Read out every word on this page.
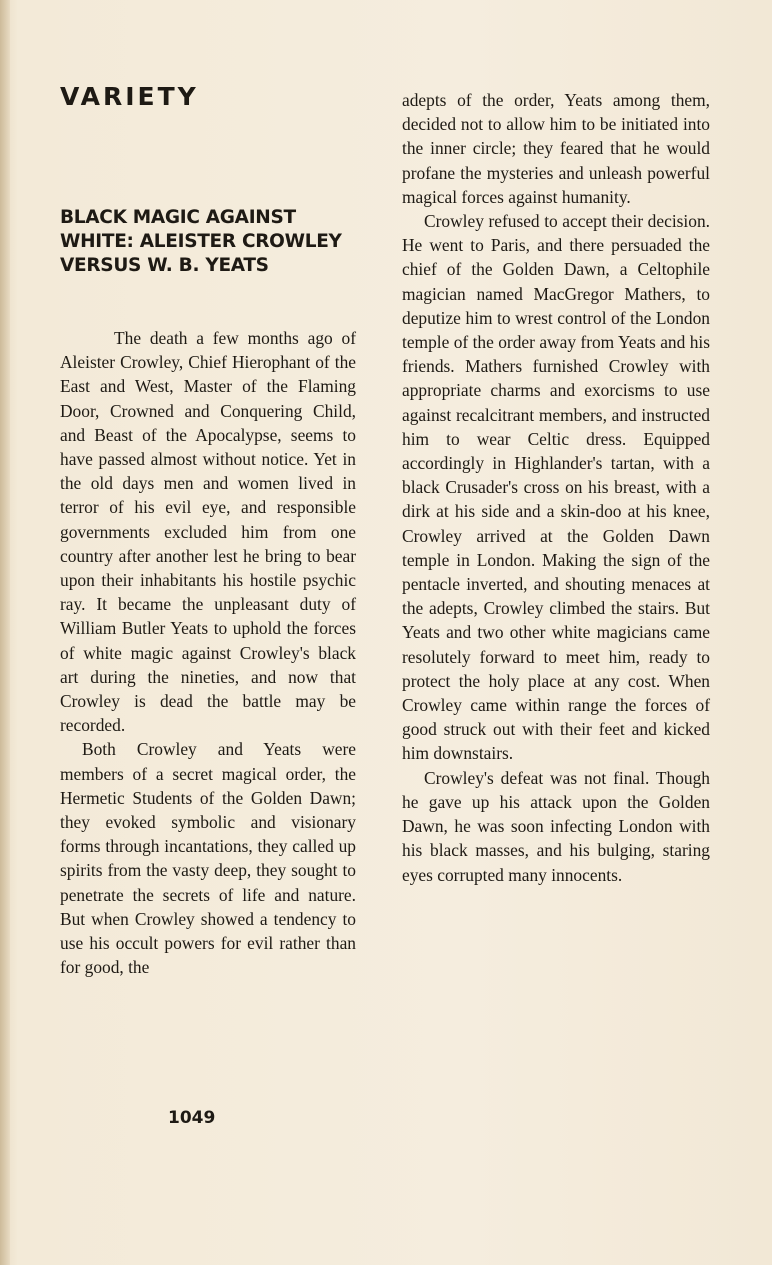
VARIETY
BLACK MAGIC AGAINST
WHITE: ALEISTER CROWLEY
VERSUS W. B. YEATS

The death a few months ago of Aleister Crowley, Chief Hierophant of the East and West, Master of the Flaming Door, Crowned and Conquering Child, and Beast of the Apocalypse, seems to have passed almost without notice. Yet in the old days men and women lived in terror of his evil eye, and responsible governments excluded him from one country after another lest he bring to bear upon their inhabitants his hostile psychic ray. It became the unpleasant duty of William Butler Yeats to uphold the forces of white magic against Crowley's black art during the nineties, and now that Crowley is dead the battle may be recorded.

Both Crowley and Yeats were members of a secret magical order, the Hermetic Students of the Golden Dawn; they evoked symbolic and visionary forms through incantations, they called up spirits from the vasty deep, they sought to penetrate the secrets of life and nature. But when Crowley showed a tendency to use his occult powers for evil rather than for good, the

adepts of the order, Yeats among them, decided not to allow him to be initiated into the inner circle; they feared that he would profane the mysteries and unleash powerful magical forces against humanity.

Crowley refused to accept their decision. He went to Paris, and there persuaded the chief of the Golden Dawn, a Celtophile magician named MacGregor Mathers, to deputize him to wrest control of the London temple of the order away from Yeats and his friends. Mathers furnished Crowley with appropriate charms and exorcisms to use against recalcitrant members, and instructed him to wear Celtic dress. Equipped accordingly in Highlander's tartan, with a black Crusader's cross on his breast, with a dirk at his side and a skin-doo at his knee, Crowley arrived at the Golden Dawn temple in London. Making the sign of the pentacle inverted, and shouting menaces at the adepts, Crowley climbed the stairs. But Yeats and two other white magicians came resolutely forward to meet him, ready to protect the holy place at any cost. When Crowley came within range the forces of good struck out with their feet and kicked him downstairs.

Crowley's defeat was not final. Though he gave up his attack upon the Golden Dawn, he was soon infecting London with his black masses, and his bulging, staring eyes corrupted many innocents.

1049
